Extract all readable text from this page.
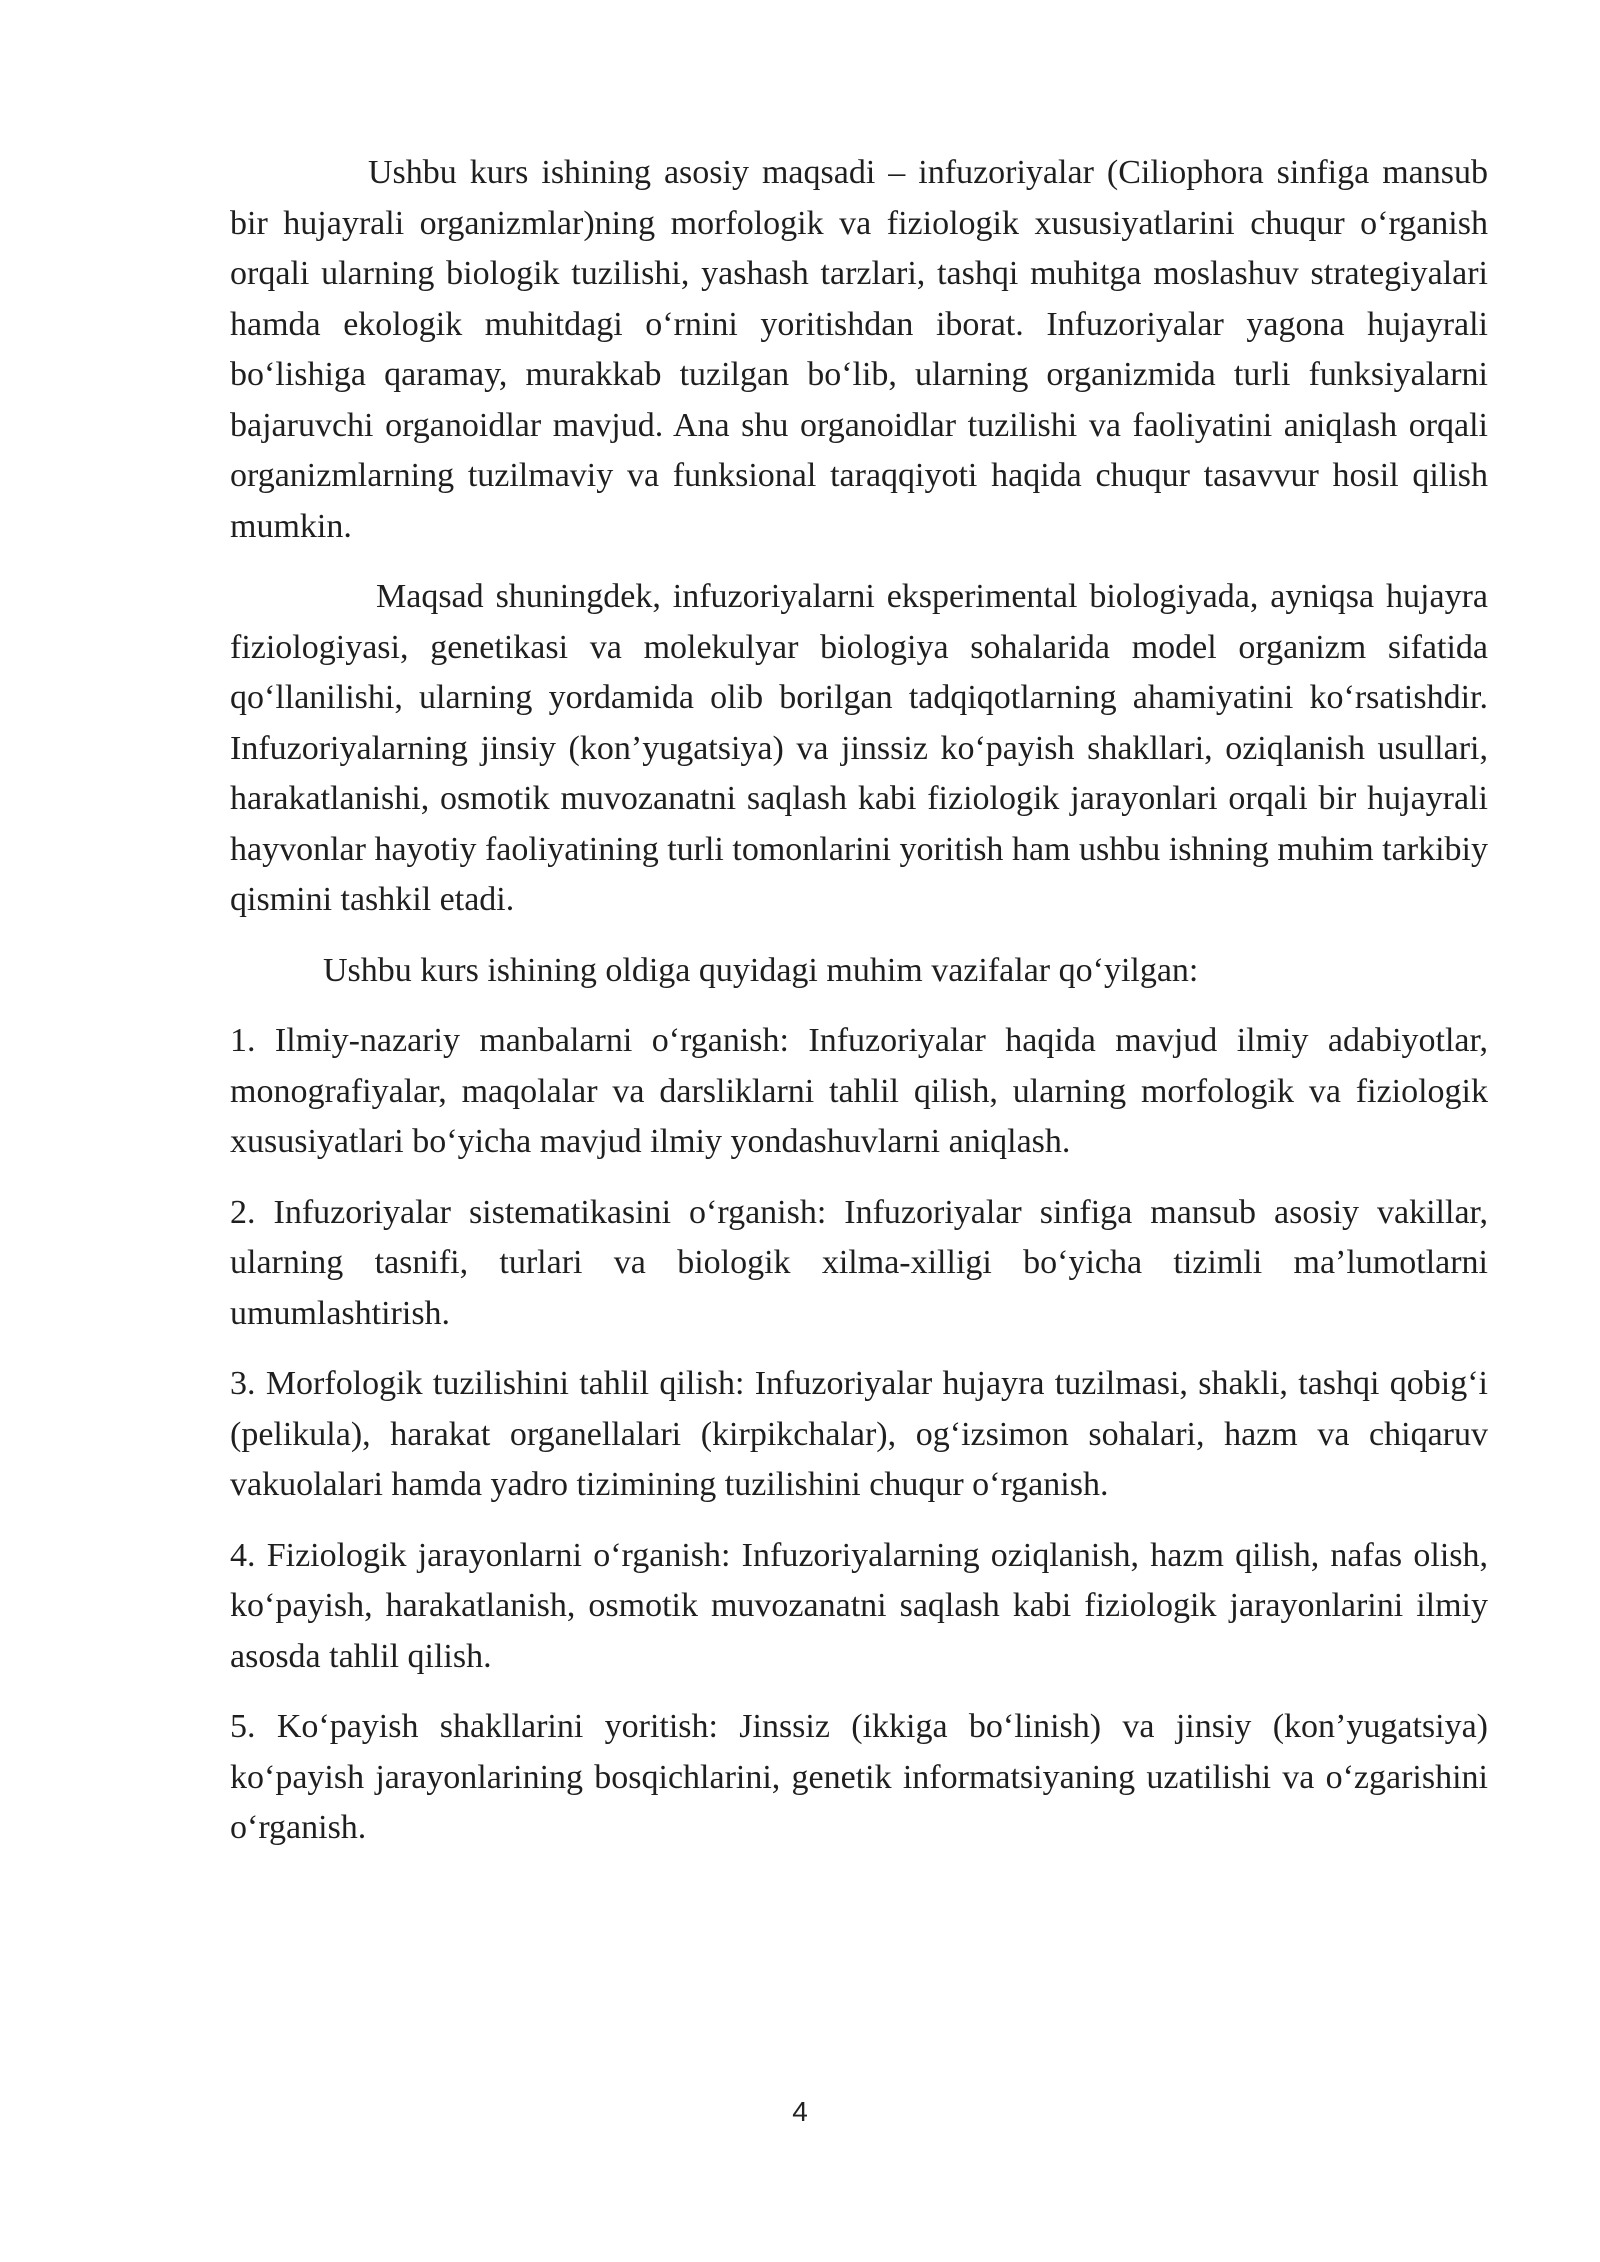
Ushbu kurs ishining asosiy maqsadi – infuzoriyalar (Ciliophora sinfiga mansub bir hujayrali organizmlar)ning morfologik va fiziologik xususiyatlarini chuqur o‘rganish orqali ularning biologik tuzilishi, yashash tarzlari, tashqi muhitga moslashuv strategiyalari hamda ekologik muhitdagi o‘rnini yoritishdan iborat. Infuzoriyalar yagona hujayrali bo‘lishiga qaramay, murakkab tuzilgan bo‘lib, ularning organizmida turli funksiyalarni bajaruvchi organoidlar mavjud. Ana shu organoidlar tuzilishi va faoliyatini aniqlash orqali organizmlarning tuzilmaviy va funksional taraqqiyoti haqida chuqur tasavvur hosil qilish mumkin.

Maqsad shuningdek, infuzoriyalarni eksperimental biologiyada, ayniqsa hujayra fiziologiyasi, genetikasi va molekulyar biologiya sohalarida model organizm sifatida qo‘llanilishi, ularning yordamida olib borilgan tadqiqotlarning ahamiyatini ko‘rsatishdir. Infuzoriyalarning jinsiy (kon’yugatsiya) va jinssiz ko‘payish shakllari, oziqlanish usullari, harakatlanishi, osmotik muvozanatni saqlash kabi fiziologik jarayonlari orqali bir hujayrali hayvonlar hayotiy faoliyatining turli tomonlarini yoritish ham ushbu ishning muhim tarkibiy qismini tashkil etadi.

Ushbu kurs ishining oldiga quyidagi muhim vazifalar qo‘yilgan:

1. Ilmiy-nazariy manbalarni o‘rganish: Infuzoriyalar haqida mavjud ilmiy adabiyotlar, monografiyalar, maqolalar va darsliklarni tahlil qilish, ularning morfologik va fiziologik xususiyatlari bo‘yicha mavjud ilmiy yondashuvlarni aniqlash.

2. Infuzoriyalar sistematikasini o‘rganish: Infuzoriyalar sinfiga mansub asosiy vakillar, ularning tasnifi, turlari va biologik xilma-xilligi bo‘yicha tizimli ma’lumotlarni umumlashtirish.

3. Morfologik tuzilishini tahlil qilish: Infuzoriyalar hujayra tuzilmasi, shakli, tashqi qobig‘i (pelikula), harakat organellalari (kirpikchalar), og‘izsimon sohalari, hazm va chiqaruv vakuolalari hamda yadro tizimining tuzilishini chuqur o‘rganish.

4. Fiziologik jarayonlarni o‘rganish: Infuzoriyalarning oziqlanish, hazm qilish, nafas olish, ko‘payish, harakatlanish, osmotik muvozanatni saqlash kabi fiziologik jarayonlarini ilmiy asosda tahlil qilish.

5. Ko‘payish shakllarini yoritish: Jinssiz (ikkiga bo‘linish) va jinsiy (kon’yugatsiya) ko‘payish jarayonlarining bosqichlarini, genetik informatsiyaning uzatilishi va o‘zgarishini o‘rganish.

4
